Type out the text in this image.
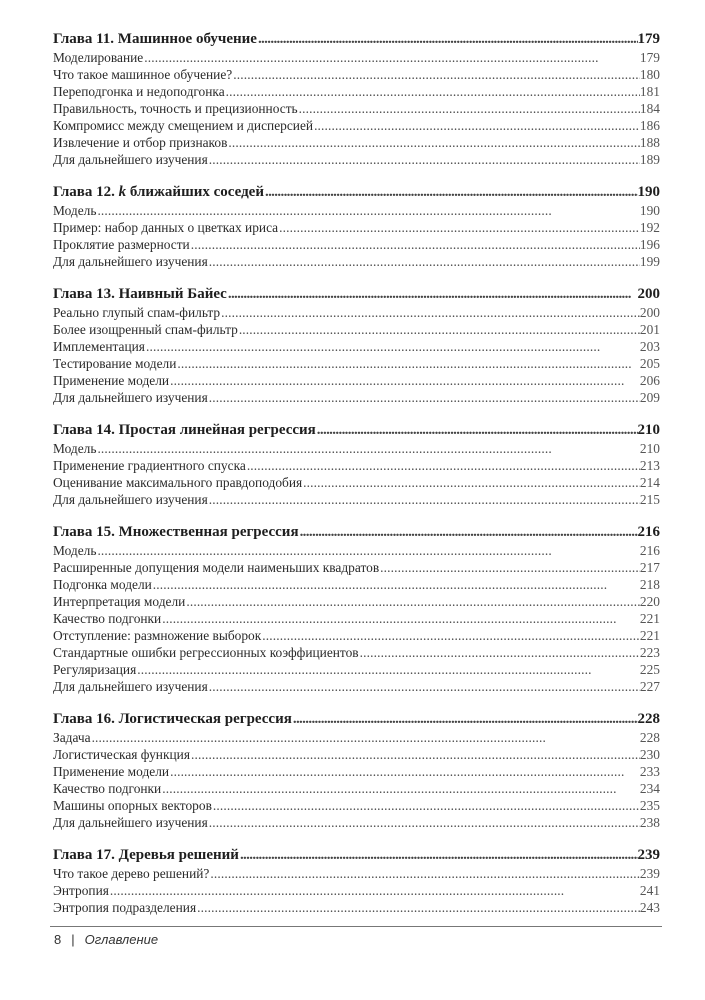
Глава 11. Машинное обучение . . .	179
Моделирование . . .	179
Что такое машинное обучение? . . .	180
Переподгонка и недоподгонка . . .	181
Правильность, точность и прецизионность . . .	184
Компромисс между смещением и дисперсией . . .	186
Извлечение и отбор признаков . . .	188
Для дальнейшего изучения . . .	189
Глава 12. k ближайших соседей . . .	190
Модель . . .	190
Пример: набор данных о цветках ириса . . .	192
Проклятие размерности . . .	196
Для дальнейшего изучения . . .	199
Глава 13. Наивный Байес . . .	200
Реально глупый спам-фильтр . . .	200
Более изощренный спам-фильтр . . .	201
Имплементация . . .	203
Тестирование модели . . .	205
Применение модели . . .	206
Для дальнейшего изучения . . .	209
Глава 14. Простая линейная регрессия . . .	210
Модель . . .	210
Применение градиентного спуска . . .	213
Оценивание максимального правдоподобия . . .	214
Для дальнейшего изучения . . .	215
Глава 15. Множественная регрессия . . .	216
Модель . . .	216
Расширенные допущения модели наименьших квадратов . . .	217
Подгонка модели . . .	218
Интерпретация модели . . .	220
Качество подгонки . . .	221
Отступление: размножение выборок . . .	221
Стандартные ошибки регрессионных коэффициентов . . .	223
Регуляризация . . .	225
Для дальнейшего изучения . . .	227
Глава 16. Логистическая регрессия . . .	228
Задача . . .	228
Логистическая функция . . .	230
Применение модели . . .	233
Качество подгонки . . .	234
Машины опорных векторов . . .	235
Для дальнейшего изучения . . .	238
Глава 17. Деревья решений . . .	239
Что такое дерево решений? . . .	239
Энтропия . . .	241
Энтропия подразделения . . .	243
8 | Оглавление
